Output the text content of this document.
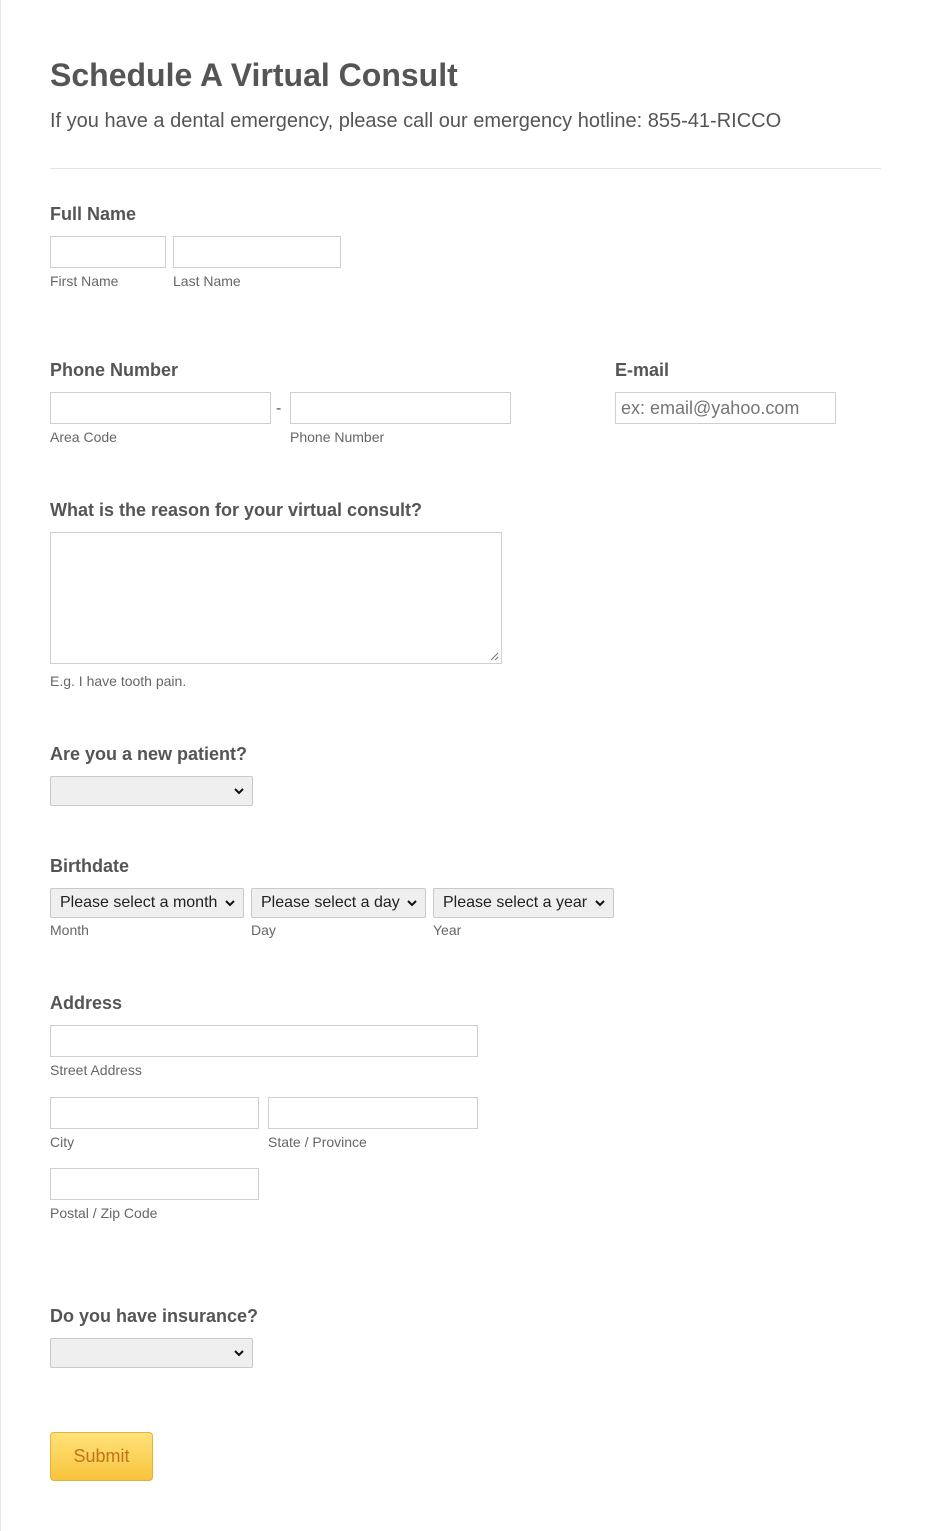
Schedule A Virtual Consult
If you have a dental emergency, please call our emergency hotline: 855-41-RICCO
Full Name
First Name	Last Name
Phone Number
-
Area Code	Phone Number
E-mail
ex: email@yahoo.com
What is the reason for your virtual consult?
E.g. I have tooth pain.
Are you a new patient?
Birthdate
Please select a month	Please select a day	Please select a year
Month	Day	Year
Address
Street Address
City	State / Province
Postal / Zip Code
Do you have insurance?
Submit
